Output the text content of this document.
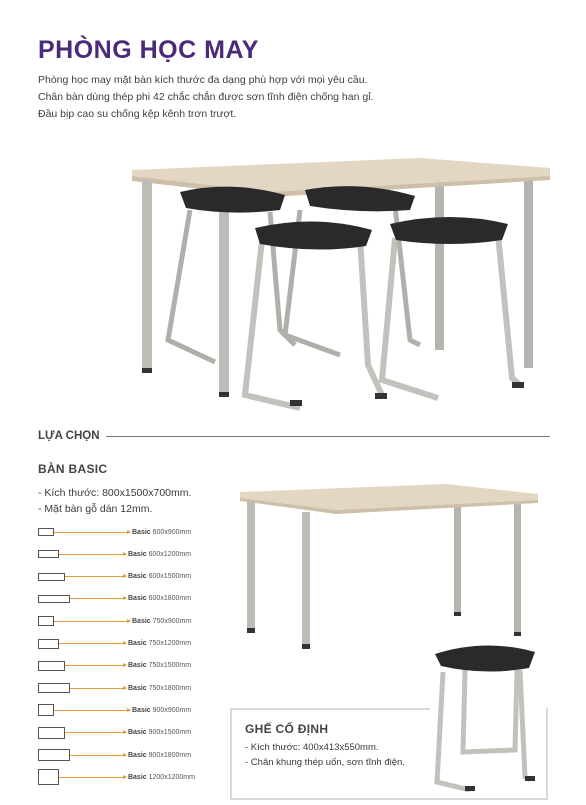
PHÒNG HỌC MAY
Phòng học may mặt bàn kích thước đa dạng phù hợp với mọi yêu cầu.
Chân bàn dùng thép phi 42 chắc chắn được sơn tĩnh điện chống han gỉ.
Đầu bịp cao su chống kệp kênh trơn trượt.
LỰA CHỌN
BÀN BASIC
- Kích thước: 800x1500x700mm.
- Mặt bàn gỗ dán 12mm.
Basic 600x900mm
Basic 600x1200mm
Basic 600x1500mm
Basic 600x1800mm
Basic 750x900mm
Basic 750x1200mm
Basic 750x1500mm
Basic 750x1800mm
Basic 900x900mm
Basic 900x1500mm
Basic 900x1800mm
Basic 1200x1200mm
GHẾ CỐ ĐỊNH
- Kích thước: 400x413x550mm.
- Chân khung thép uốn, sơn tĩnh điện.
